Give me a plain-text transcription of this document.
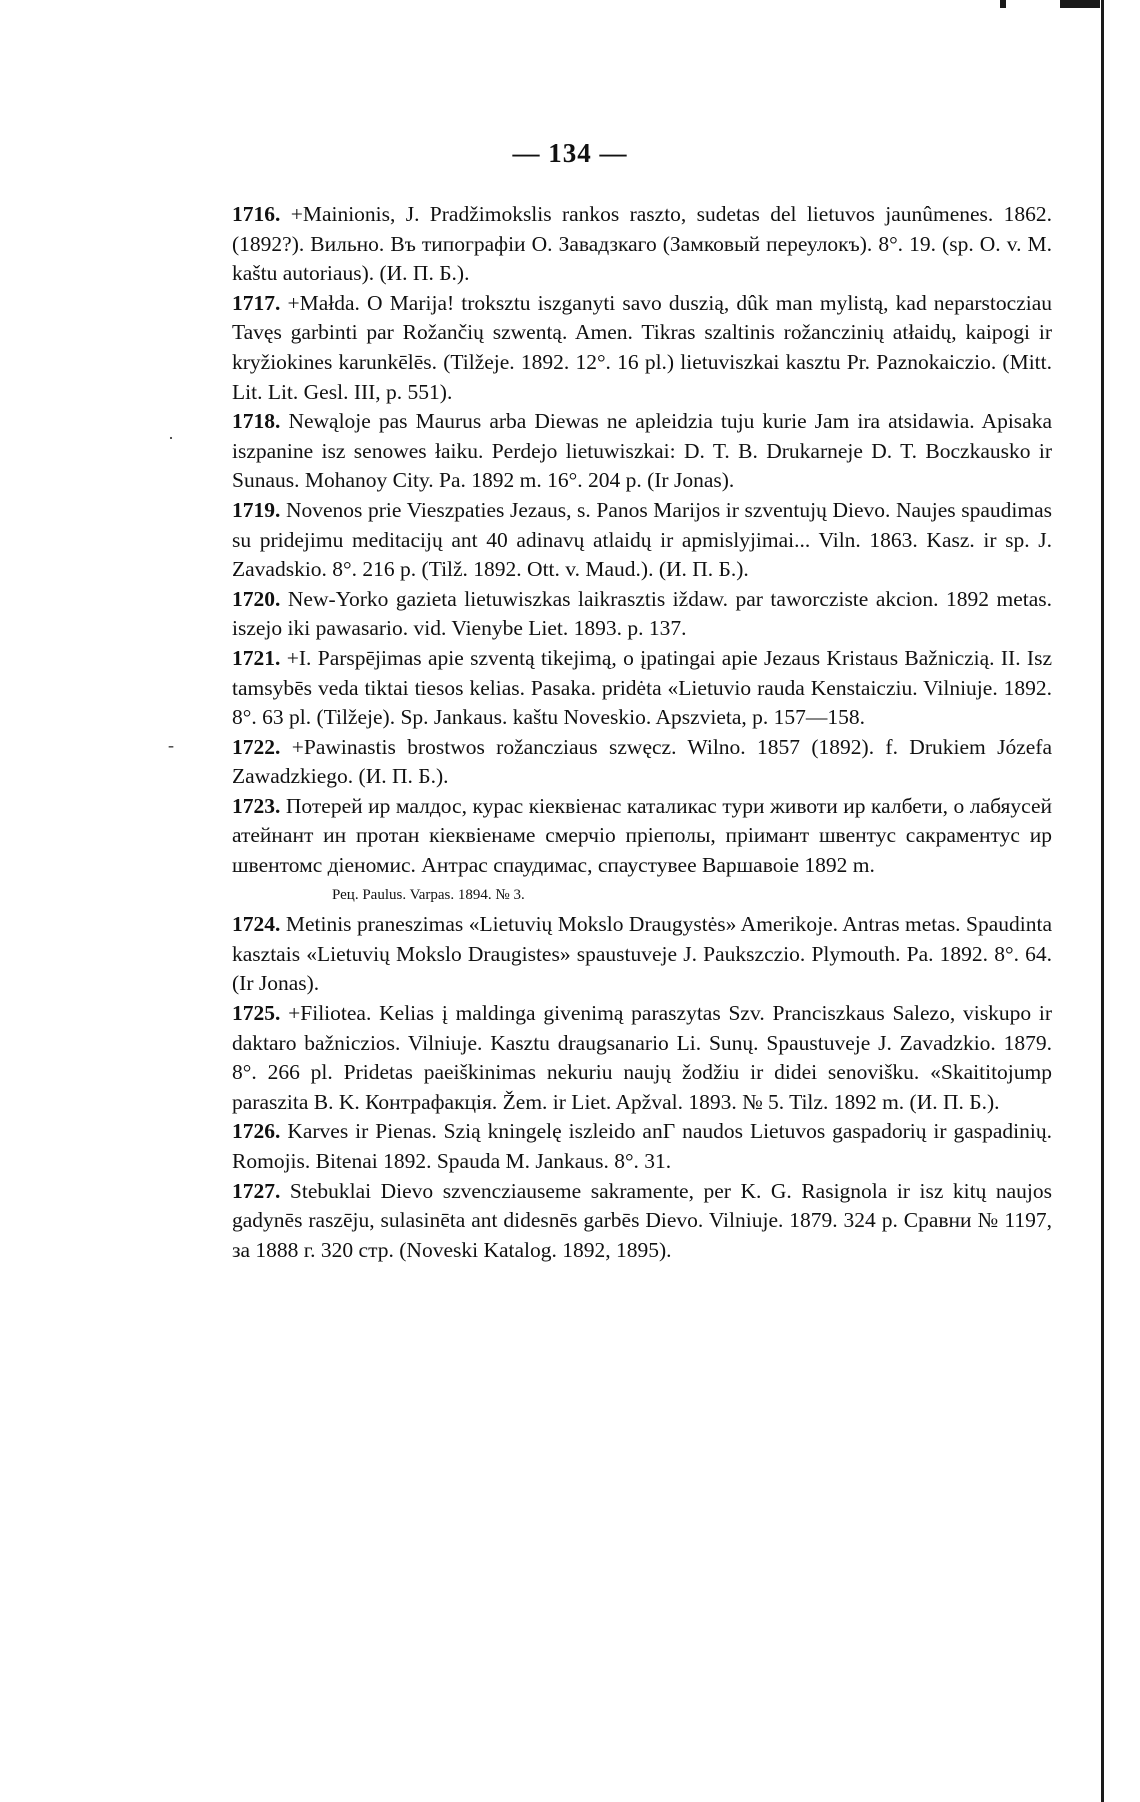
·
-
— 134 —

1716. +Mainionis, J. Pradžimokslis rankos raszto, sudetas del lietuvos jaunûmenes. 1862. (1892?). Вильно. Въ типографіи О. Завадзкаго (Замковый переулокъ). 8°. 19. (sp. O. v. M. kaštu autoriaus). (И. П. Б.).

1717. +Małda. O Marija! troksztu iszganyti savo duszią, dûk man mylistą, kad neparstocziau Tavęs garbinti par Rožančių szwentą. Amen. Tikras szaltinis rožanczinių atłaidų, kaipogi ir kryžiokines karunkēlēs. (Tilžeje. 1892. 12°. 16 pl.) lietuviszkai kasztu Pr. Paznokaiczio. (Mitt. Lit. Lit. Gesl. III, p. 551).

1718. Newąloje pas Maurus arba Diewas ne apleidzia tuju kurie Jam ira atsidawia. Apisaka iszpanine isz senowes łaiku. Perdejo lietuwiszkai: D. T. B. Drukarneje D. T. Boczkausko ir Sunaus. Mohanoy City. Pa. 1892 m. 16°. 204 p. (Ir Jonas).

1719. Novenos prie Vieszpaties Jezaus, s. Panos Marijos ir szventujų Dievo. Naujes spaudimas su pridejimu meditacijų ant 40 adinavų atlaidų ir apmislyjimai... Viln. 1863. Kasz. ir sp. J. Zavadskio. 8°. 216 p. (Tilž. 1892. Ott. v. Maud.). (И. П. Б.).

1720. New-Yorko gazieta lietuwiszkas laikrasztis iždaw. par taworcziste akcion. 1892 metas. iszejo iki pawasario. vid. Vienybe Liet. 1893. p. 137.

1721. +I. Parspējimas apie szventą tikejimą, o įpatingai apie Jezaus Kristaus Bažniczią. II. Isz tamsybēs veda tiktai tiesos kelias. Pasaka. pridėta «Lietuvio rauda Kenstaicziu. Vilniuje. 1892. 8°. 63 pl. (Tilžeje). Sp. Jankaus. kaštu Noveskio. Apszvieta, p. 157—158.

1722. +Pawinastis brostwos rožancziaus szwęcz. Wilno. 1857 (1892). f. Drukiem Józefa Zawadzkiego. (И. П. Б.).

1723. Потерей ир малдос, курас кiеквiенас каталикас тури животи ир калбети, о лабяусей атейнант ин протан кiеквiенаме смерчiо прiеполы, прiимант швентус сакраментус ир швентомс дiеномис. Антрас спаудимас, спаустувее Варшавоiе 1892 m.

Рец. Paulus. Varpas. 1894. № 3.

1724. Metinis praneszimas «Lietuvių Mokslo Draugystės» Amerikoje. Antras metas. Spaudinta kasztais «Lietuvių Mokslo Draugistes» spaustuveje J. Paukszczio. Plymouth. Pa. 1892. 8°. 64. (Ir Jonas).

1725. +Filiotea. Kelias į maldinga givenimą paraszytas Szv. Pranciszkaus Salezo, viskupo ir daktaro bažniczios. Vilniuje. Kasztu draugsanario Li. Sunų. Spaustuveje J. Zavadzkio. 1879. 8°. 266 pl. Pridetas paeiškinimas nekuriu naujų žodžiu ir didei senovišku. «Skaititojump paraszita B. K. Контрафакція. Žem. ir Liet. Apžval. 1893. № 5. Tilz. 1892 m. (И. П. Б.).

1726. Karves ir Pienas. Szią kningelę iszleido anГ naudos Lietuvos gaspadorių ir gaspadinių. Romojis. Bitenai 1892. Spauda M. Jankaus. 8°. 31.

1727. Stebuklai Dievo szvencziauseme sakramente, per K. G. Rasignola ir isz kitų naujos gadynēs raszēju, sulasinēta ant didesnēs garbēs Dievo. Vilniuje. 1879. 324 p. Сравни № 1197, за 1888 г. 320 стр. (Noveski Katalog. 1892, 1895).
